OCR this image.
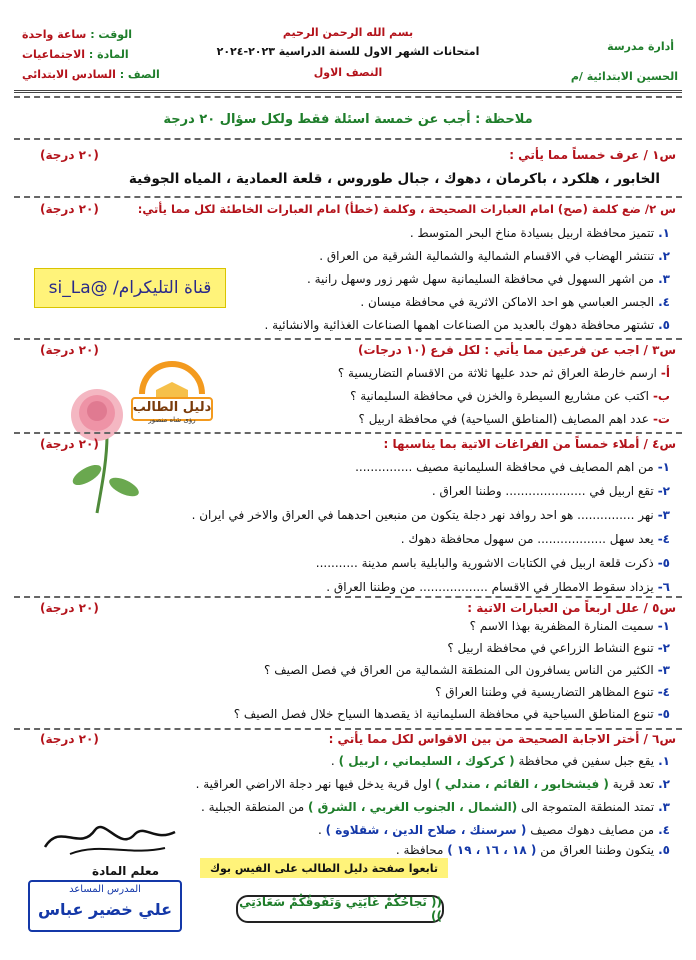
أدارة مدرسة
الحسين الابتدائية /م
بسم الله الرحمن الرحيم
امتحانات الشهر الاول للسنة الدراسية ٢٠٢٣-٢٠٢٤
النصف الاول
الوقت : ساعة واحدة
المادة : الاجتماعيات
الصف : السادس الابتدائي
ملاحظة : أجب عن خمسة اسئلة فقط ولكل سؤال ٢٠ درجة
س١ / عرف خمساً مما يأتي :
(٢٠ درجة)
الخابور ، هلكرد ، باكرمان ، دهوك ، جبال طوروس ، قلعة العمادية ، المياه الجوفية
س ٢/ ضع كلمة (صح) امام العبارات الصحيحة ، وكلمة (خطأ) امام العبارات الخاطئة لكل مما يأتي:
(٢٠ درجة)
١.تتميز محافظة اربيل بسيادة مناخ البحر المتوسط .
٢.تنتشر الهضاب في الاقسام الشمالية والشمالية الشرقية من العراق .
٣.من اشهر السهول في محافظة السليمانية سهل شهر زور وسهل رانية .
٤.الجسر العباسي هو احد الاماكن الاثرية في محافظة ميسان .
٥.تشتهر محافظة دهوك بالعديد من الصناعات اهمها الصناعات الغذائية والانشائية .
قناة التليكرام/ @si_La
س٣ / اجب عن فرعين مما يأتي : لكل فرع (١٠ درجات)
(٢٠ درجة)
أ-ارسم خارطة العراق ثم حدد عليها ثلاثة من الاقسام التضاريسية ؟
ب-اكتب عن مشاريع السيطرة والخزن في محافظة السليمانية ؟
ت-عدد اهم المصايف (المناطق السياحية) في محافظة اربيل ؟
دليل الطالب
رؤى شاه منصور
س٤ / أملاء خمساً من الفراغات الاتية بما يناسبها :
(٢٠ درجة)
١-من اهم المصايف في محافظة السليمانية مصيف ...............
٢-تقع اربيل في ..................... وطننا العراق .
٣-نهر ............... هو احد روافد نهر دجلة يتكون من منبعين احدهما في العراق والاخر في ايران .
٤-يعد سهل .................. من سهول محافظة دهوك .
٥-ذكرت قلعة اربيل في الكتابات الاشورية والبابلية باسم مدينة ...........
٦-يزداد سقوط الامطار في الاقسام .................. من وطننا العراق .
س٥ / علل اربعاً من العبارات الاتية :
(٢٠ درجة)
١-سميت المنارة المظفرية بهذا الاسم ؟
٢-تنوع النشاط الزراعي في محافظة اربيل ؟
٣-الكثير من الناس يسافرون الى المنطقة الشمالية من العراق في فصل الصيف ؟
٤-تنوع المظاهر التضاريسية في وطننا العراق ؟
٥-تنوع المناطق السياحية في محافظة السليمانية اذ يقصدها السياح خلال فصل الصيف ؟
س٦ / أختر الاجابة الصحيحة من بين الاقواس لكل مما يأتي :
(٢٠ درجة)
١.يقع جبل سفين في محافظة ( كركوك ، السليماني ، اربيل ) .
٢.تعد قرية ( فيشخابور ، القائم ، مندلي ) اول قرية يدخل فيها نهر دجلة الاراضي العراقية .
٣.تمتد المنطقة المتموجة الى (الشمال ، الجنوب الغربي ، الشرق ) من المنطقة الجبلية .
٤.من مصايف دهوك مصيف ( سرسنك ، صلاح الدين ، شقلاوة ) .
٥.يتكون وطننا العراق من ( ١٨ ، ١٦ ، ١٩ ) محافظة .
تابعوا صفحة دليل الطالب على الفيس بوك
(( نَجاحُكُمْ غَايَتِي وَتَفَوقُكُمْ سَعَادَتِي ))
معلم المادة
المدرس المساعد
علي خضير عباس
